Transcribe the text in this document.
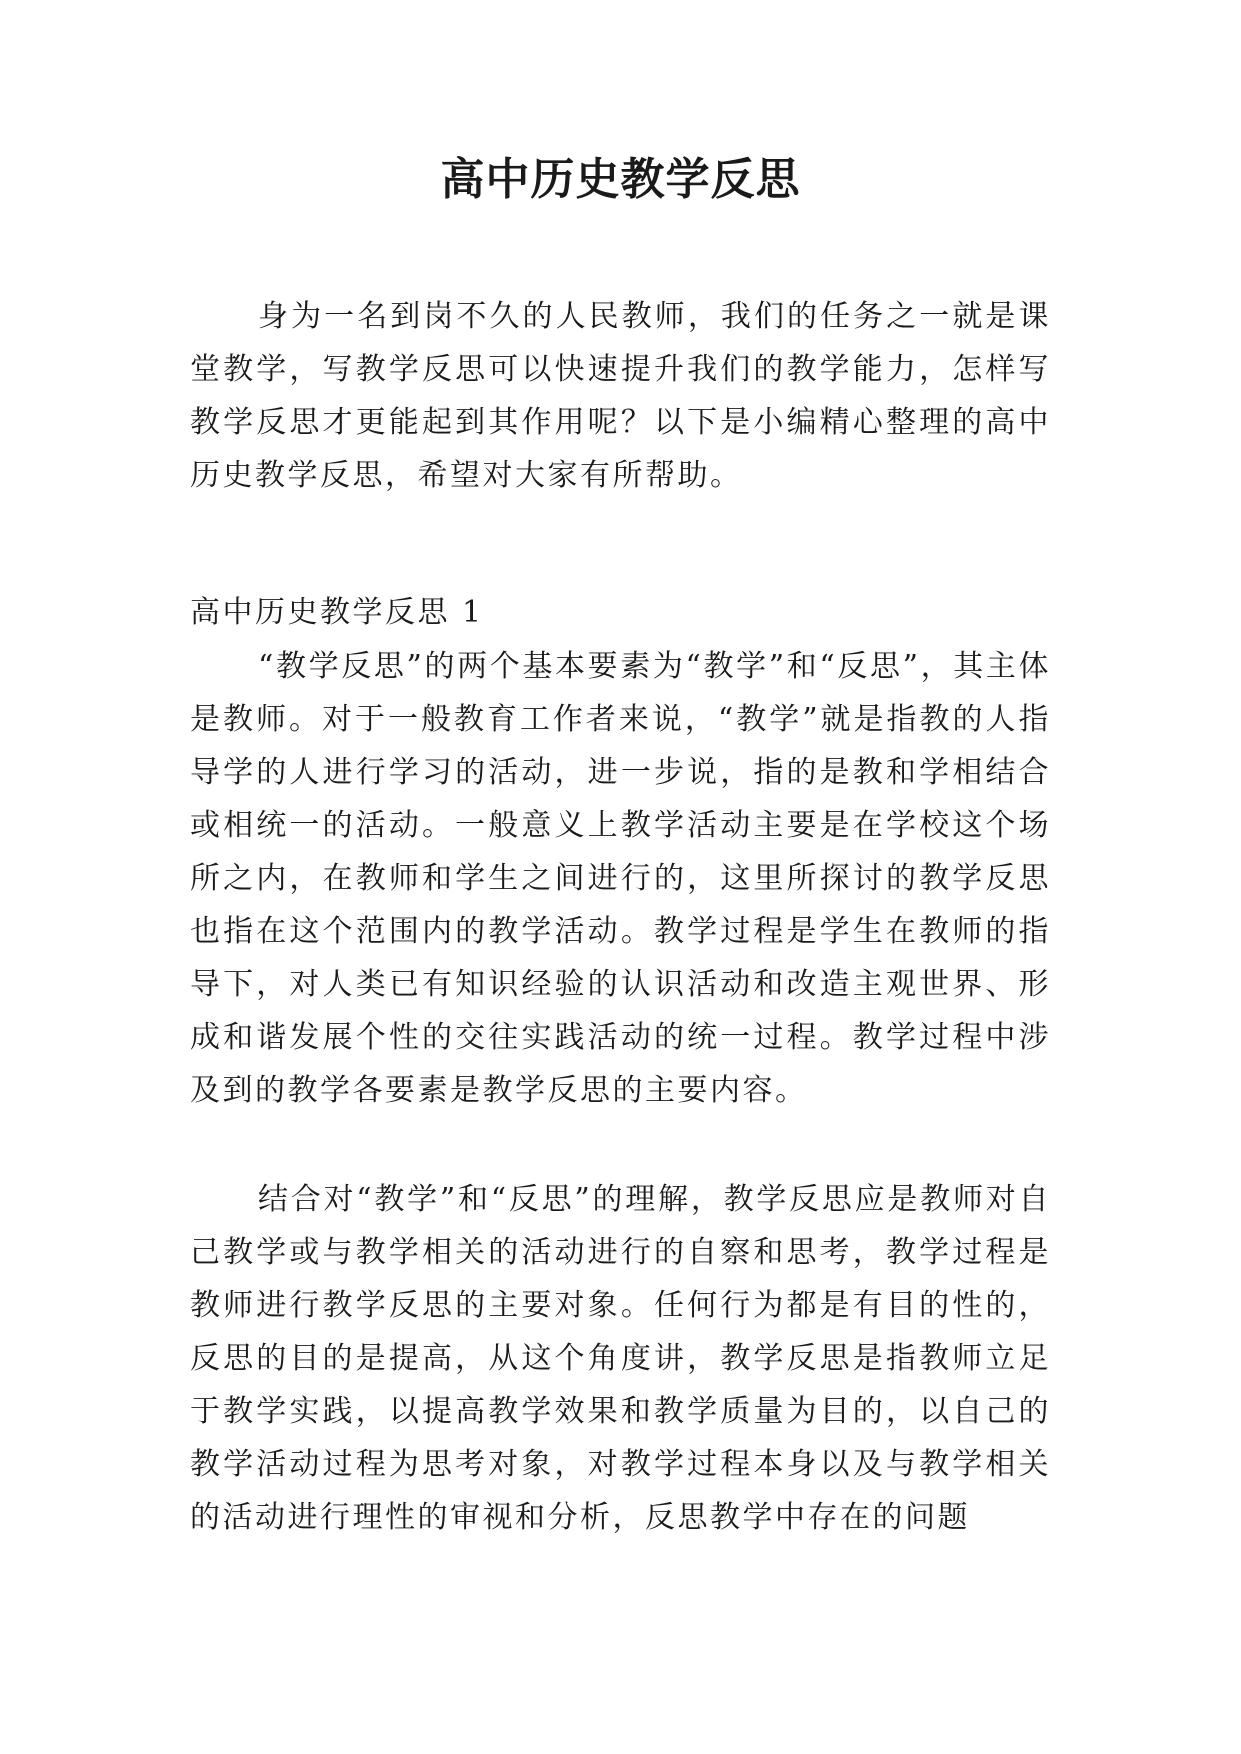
高中历史教学反思

身为一名到岗不久的人民教师，我们的任务之一就是课堂教学，写教学反思可以快速提升我们的教学能力，怎样写教学反思才更能起到其作用呢？以下是小编精心整理的高中历史教学反思，希望对大家有所帮助。

高中历史教学反思 1

“教学反思”的两个基本要素为“教学”和“反思”，其主体是教师。对于一般教育工作者来说，“教学”就是指教的人指导学的人进行学习的活动，进一步说，指的是教和学相结合或相统一的活动。一般意义上教学活动主要是在学校这个场所之内，在教师和学生之间进行的，这里所探讨的教学反思也指在这个范围内的教学活动。教学过程是学生在教师的指导下，对人类已有知识经验的认识活动和改造主观世界、形成和谐发展个性的交往实践活动的统一过程。教学过程中涉及到的教学各要素是教学反思的主要内容。

结合对“教学”和“反思”的理解，教学反思应是教师对自己教学或与教学相关的活动进行的自察和思考，教学过程是教师进行教学反思的主要对象。任何行为都是有目的性的，反思的目的是提高，从这个角度讲，教学反思是指教师立足于教学实践，以提高教学效果和教学质量为目的，以自己的教学活动过程为思考对象，对教学过程本身以及与教学相关的活动进行理性的审视和分析，反思教学中存在的问题
